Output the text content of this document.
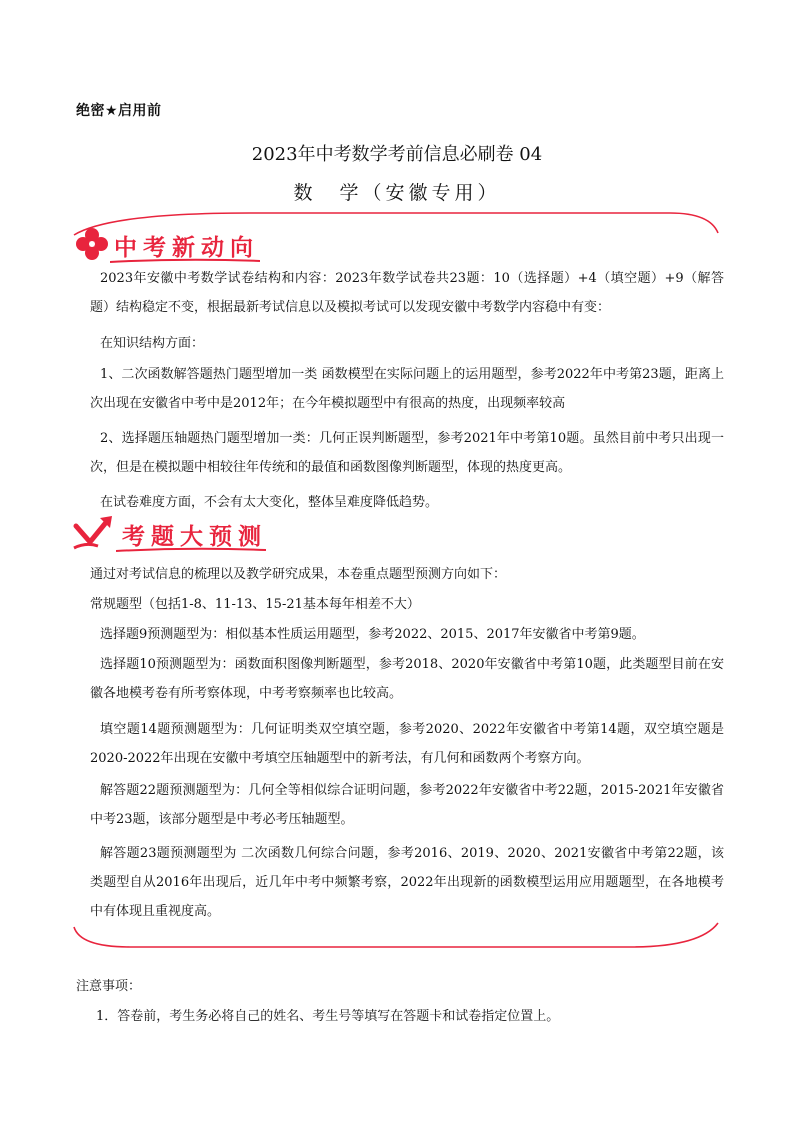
绝密★启用前
2023年中考数学考前信息必刷卷 04
数　学（安徽专用）
中考新动向
2023年安徽中考数学试卷结构和内容：2023年数学试卷共23题：10（选择题）+4（填空题）+9（解答题）结构稳定不变，根据最新考试信息以及模拟考试可以发现安徽中考数学内容稳中有变：
在知识结构方面：
1、二次函数解答题热门题型增加一类 函数模型在实际问题上的运用题型，参考2022年中考第23题，距离上次出现在安徽省中考中是2012年；在今年模拟题型中有很高的热度，出现频率较高
2、选择题压轴题热门题型增加一类：几何正误判断题型，参考2021年中考第10题。虽然目前中考只出现一次，但是在模拟题中相较往年传统和的最值和函数图像判断题型，体现的热度更高。
在试卷难度方面，不会有太大变化，整体呈难度降低趋势。
考题大预测
通过对考试信息的梳理以及教学研究成果，本卷重点题型预测方向如下：
常规题型（包括1-8、11-13、15-21基本每年相差不大）
选择题9预测题型为：相似基本性质运用题型，参考2022、2015、2017年安徽省中考第9题。
选择题10预测题型为：函数面积图像判断题型，参考2018、2020年安徽省中考第10题，此类题型目前在安徽各地模考卷有所考察体现，中考考察频率也比较高。
填空题14题预测题型为：几何证明类双空填空题，参考2020、2022年安徽省中考第14题，双空填空题是2020-2022年出现在安徽中考填空压轴题型中的新考法，有几何和函数两个考察方向。
解答题22题预测题型为：几何全等相似综合证明问题，参考2022年安徽省中考22题，2015-2021年安徽省中考23题，该部分题型是中考必考压轴题型。
解答题23题预测题型为 二次函数几何综合问题，参考2016、2019、2020、2021安徽省中考第22题，该类题型自从2016年出现后，近几年中考中频繁考察，2022年出现新的函数模型运用应用题题型，在各地模考中有体现且重视度高。
注意事项：
1．答卷前，考生务必将自己的姓名、考生号等填写在答题卡和试卷指定位置上。
